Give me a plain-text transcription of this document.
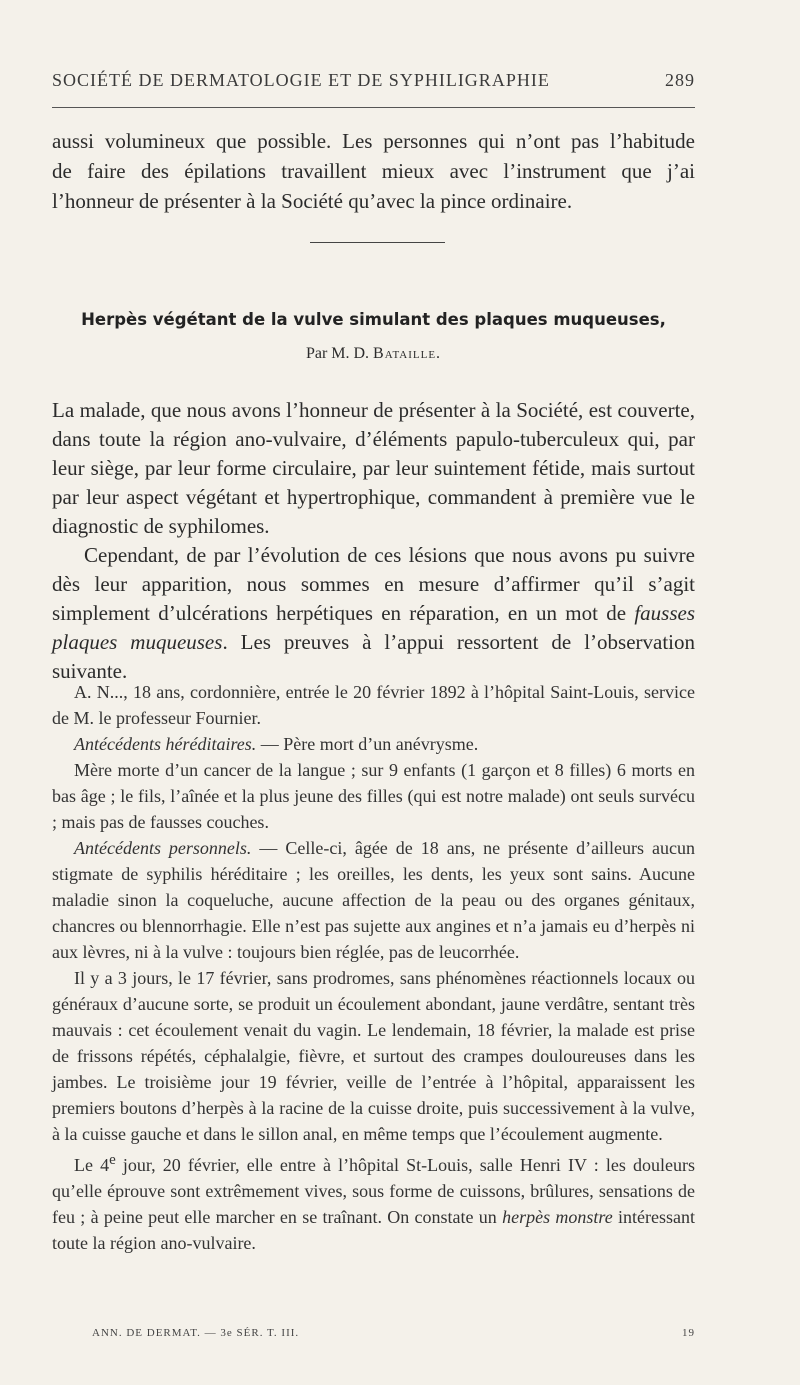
SOCIÉTÉ DE DERMATOLOGIE ET DE SYPHILIGRAPHIE	289
aussi volumineux que possible. Les personnes qui n’ont pas l’habitude
de faire des épilations travaillent mieux avec l’instrument que j’ai
l’honneur de présenter à la Société qu’avec la pince ordinaire.
Herpès végétant de la vulve simulant des plaques muqueuses,
Par M. D. Bataille.

La malade, que nous avons l’honneur de présenter à la Société, est couverte, dans toute la région ano-vulvaire, d’éléments papulo-tuberculeux qui, par leur siège, par leur forme circulaire, par leur suintement fétide, mais surtout par leur aspect végétant et hypertrophique, commandent à première vue le diagnostic de syphilomes.

Cependant, de par l’évolution de ces lésions que nous avons pu suivre dès leur apparition, nous sommes en mesure d’affirmer qu’il s’agit simplement d’ulcérations herpétiques en réparation, en un mot de fausses plaques muqueuses. Les preuves à l’appui ressortent de l’observation suivante.

A. N..., 18 ans, cordonnière, entrée le 20 février 1892 à l’hôpital Saint-Louis, service de M. le professeur Fournier.

Antécédents héréditaires. — Père mort d’un anévrysme.

Mère morte d’un cancer de la langue ; sur 9 enfants (1 garçon et 8 filles) 6 morts en bas âge ; le fils, l’aînée et la plus jeune des filles (qui est notre malade) ont seuls survécu ; mais pas de fausses couches.

Antécédents personnels. — Celle-ci, âgée de 18 ans, ne présente d’ailleurs aucun stigmate de syphilis héréditaire ; les oreilles, les dents, les yeux sont sains. Aucune maladie sinon la coqueluche, aucune affection de la peau ou des organes génitaux, chancres ou blennorrhagie. Elle n’est pas sujette aux angines et n’a jamais eu d’herpès ni aux lèvres, ni à la vulve : toujours bien réglée, pas de leucorrhée.

Il y a 3 jours, le 17 février, sans prodromes, sans phénomènes réactionnels locaux ou généraux d’aucune sorte, se produit un écoulement abondant, jaune verdâtre, sentant très mauvais : cet écoulement venait du vagin. Le lendemain, 18 février, la malade est prise de frissons répétés, céphalalgie, fièvre, et surtout des crampes douloureuses dans les jambes. Le troisième jour 19 février, veille de l’entrée à l’hôpital, apparaissent les premiers boutons d’herpès à la racine de la cuisse droite, puis successivement à la vulve, à la cuisse gauche et dans le sillon anal, en même temps que l’écoulement augmente.

Le 4e jour, 20 février, elle entre à l’hôpital St-Louis, salle Henri IV : les douleurs qu’elle éprouve sont extrêmement vives, sous forme de cuissons, brûlures, sensations de feu ; à peine peut elle marcher en se traînant. On constate un herpès monstre intéressant toute la région ano-vulvaire.

ANN. DE DERMAT. — 3e SÉR. T. III.	19
